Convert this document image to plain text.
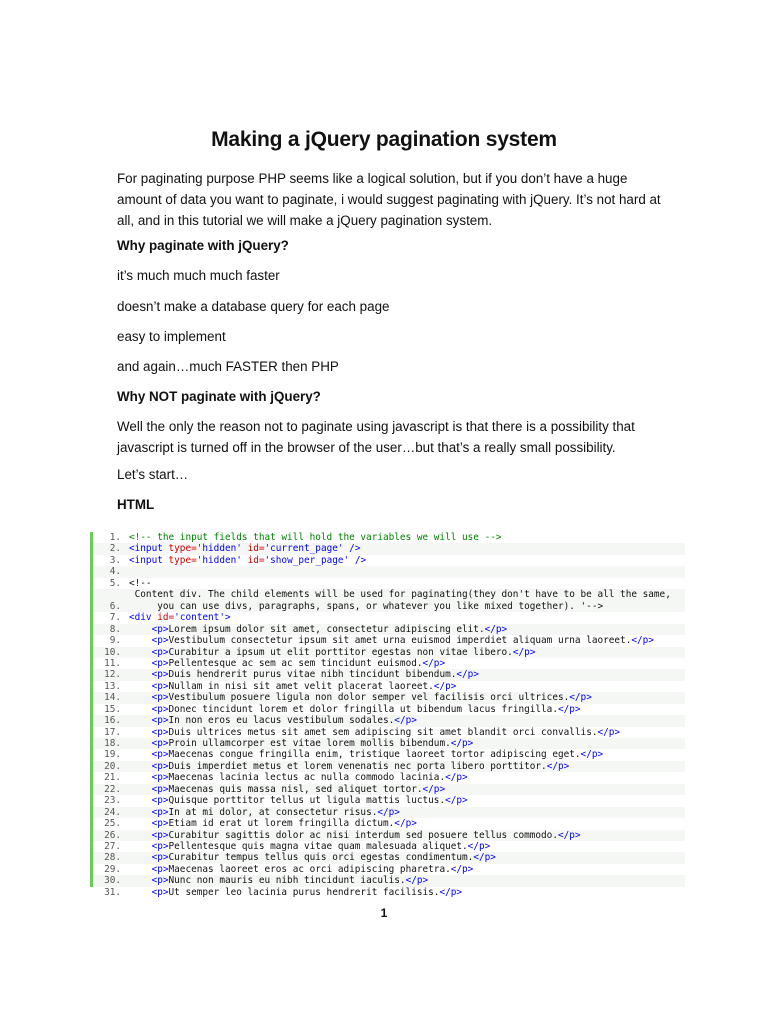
Making a jQuery pagination system

For paginating purpose PHP seems like a logical solution, but if you don’t have a huge amount of data you want to paginate, i would suggest paginating with jQuery. It’s not hard at all, and in this tutorial we will make a jQuery pagination system.

Why paginate with jQuery?

it’s much much much faster

doesn’t make a database query for each page

easy to implement

and again…much FASTER then PHP

Why NOT paginate with jQuery?

Well the only the reason not to paginate using javascript is that there is a possibility that javascript is turned off in the browser of the user…but that’s a really small possibility.

Let’s start…

HTML

1. <!-- the input fields that will hold the variables we will use -->
2. <input type='hidden' id='current_page' />
3. <input type='hidden' id='show_per_page' />
4.
5. <!--
6.
Content div. The child elements will be used for paginating(they don't have to be all the same,
you can use divs, paragraphs, spans, or whatever you like mixed together). '-->
7. <div id='content'>
8.	<p>Lorem ipsum dolor sit amet, consectetur adipiscing elit.</p>
9.	<p>Vestibulum consectetur ipsum sit amet urna euismod imperdiet aliquam urna laoreet.</p>
10.	<p>Curabitur a ipsum ut elit porttitor egestas non vitae libero.</p>
11.	<p>Pellentesque ac sem ac sem tincidunt euismod.</p>
12.	<p>Duis hendrerit purus vitae nibh tincidunt bibendum.</p>
13.	<p>Nullam in nisi sit amet velit placerat laoreet.</p>
14.	<p>Vestibulum posuere ligula non dolor semper vel facilisis orci ultrices.</p>
15.	<p>Donec tincidunt lorem et dolor fringilla ut bibendum lacus fringilla.</p>
16.	<p>In non eros eu lacus vestibulum sodales.</p>
17.	<p>Duis ultrices metus sit amet sem adipiscing sit amet blandit orci convallis.</p>
18.	<p>Proin ullamcorper est vitae lorem mollis bibendum.</p>
19.	<p>Maecenas congue fringilla enim, tristique laoreet tortor adipiscing eget.</p>
20.	<p>Duis imperdiet metus et lorem venenatis nec porta libero porttitor.</p>
21.	<p>Maecenas lacinia lectus ac nulla commodo lacinia.</p>
22.	<p>Maecenas quis massa nisl, sed aliquet tortor.</p>
23.	<p>Quisque porttitor tellus ut ligula mattis luctus.</p>
24.	<p>In at mi dolor, at consectetur risus.</p>
25.	<p>Etiam id erat ut lorem fringilla dictum.</p>
26.	<p>Curabitur sagittis dolor ac nisi interdum sed posuere tellus commodo.</p>
27.	<p>Pellentesque quis magna vitae quam malesuada aliquet.</p>
28.	<p>Curabitur tempus tellus quis orci egestas condimentum.</p>
29.	<p>Maecenas laoreet eros ac orci adipiscing pharetra.</p>
30.	<p>Nunc non mauris eu nibh tincidunt iaculis.</p>
31.	<p>Ut semper leo lacinia purus hendrerit facilisis.</p>
1
